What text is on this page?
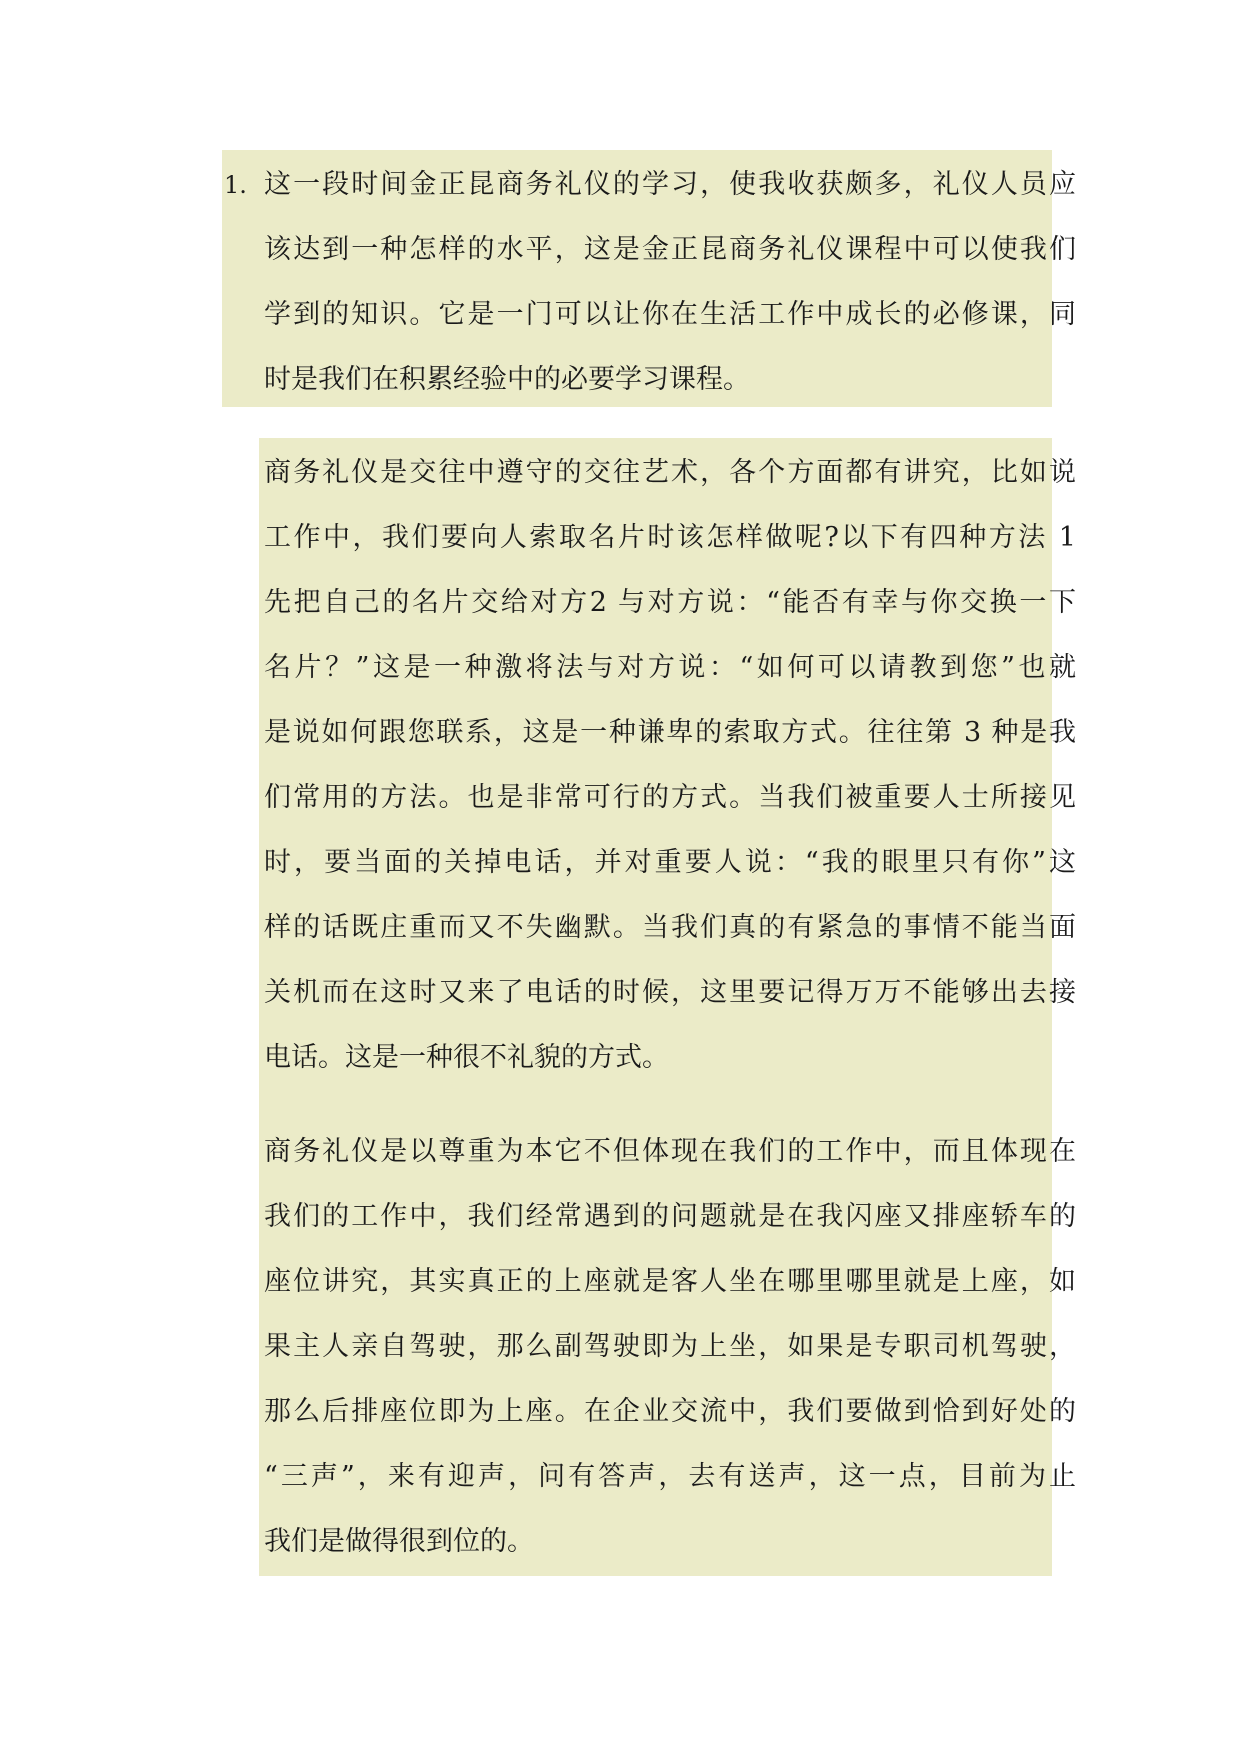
1. 这一段时间金正昆商务礼仪的学习，使我收获颇多，礼仪人员应
该达到一种怎样的水平，这是金正昆商务礼仪课程中可以使我们
学到的知识。它是一门可以让你在生活工作中成长的必修课，同
时是我们在积累经验中的必要学习课程。
商务礼仪是交往中遵守的交往艺术，各个方面都有讲究，比如说
工作中，我们要向人索取名片时该怎样做呢?以下有四种方法 1
先把自己的名片交给对方2 与对方说：“能否有幸与你交换一下
名片？”这是一种激将法与对方说：“如何可以请教到您”也就
是说如何跟您联系，这是一种谦卑的索取方式。往往第 3 种是我
们常用的方法。也是非常可行的方式。当我们被重要人士所接见
时，要当面的关掉电话，并对重要人说：“我的眼里只有你”这
样的话既庄重而又不失幽默。当我们真的有紧急的事情不能当面
关机而在这时又来了电话的时候，这里要记得万万不能够出去接
电话。这是一种很不礼貌的方式。
商务礼仪是以尊重为本它不但体现在我们的工作中，而且体现在
我们的工作中，我们经常遇到的问题就是在我闪座又排座轿车的
座位讲究，其实真正的上座就是客人坐在哪里哪里就是上座，如
果主人亲自驾驶，那么副驾驶即为上坐，如果是专职司机驾驶，
那么后排座位即为上座。在企业交流中，我们要做到恰到好处的
“三声”，来有迎声，问有答声，去有送声，这一点，目前为止
我们是做得很到位的。
